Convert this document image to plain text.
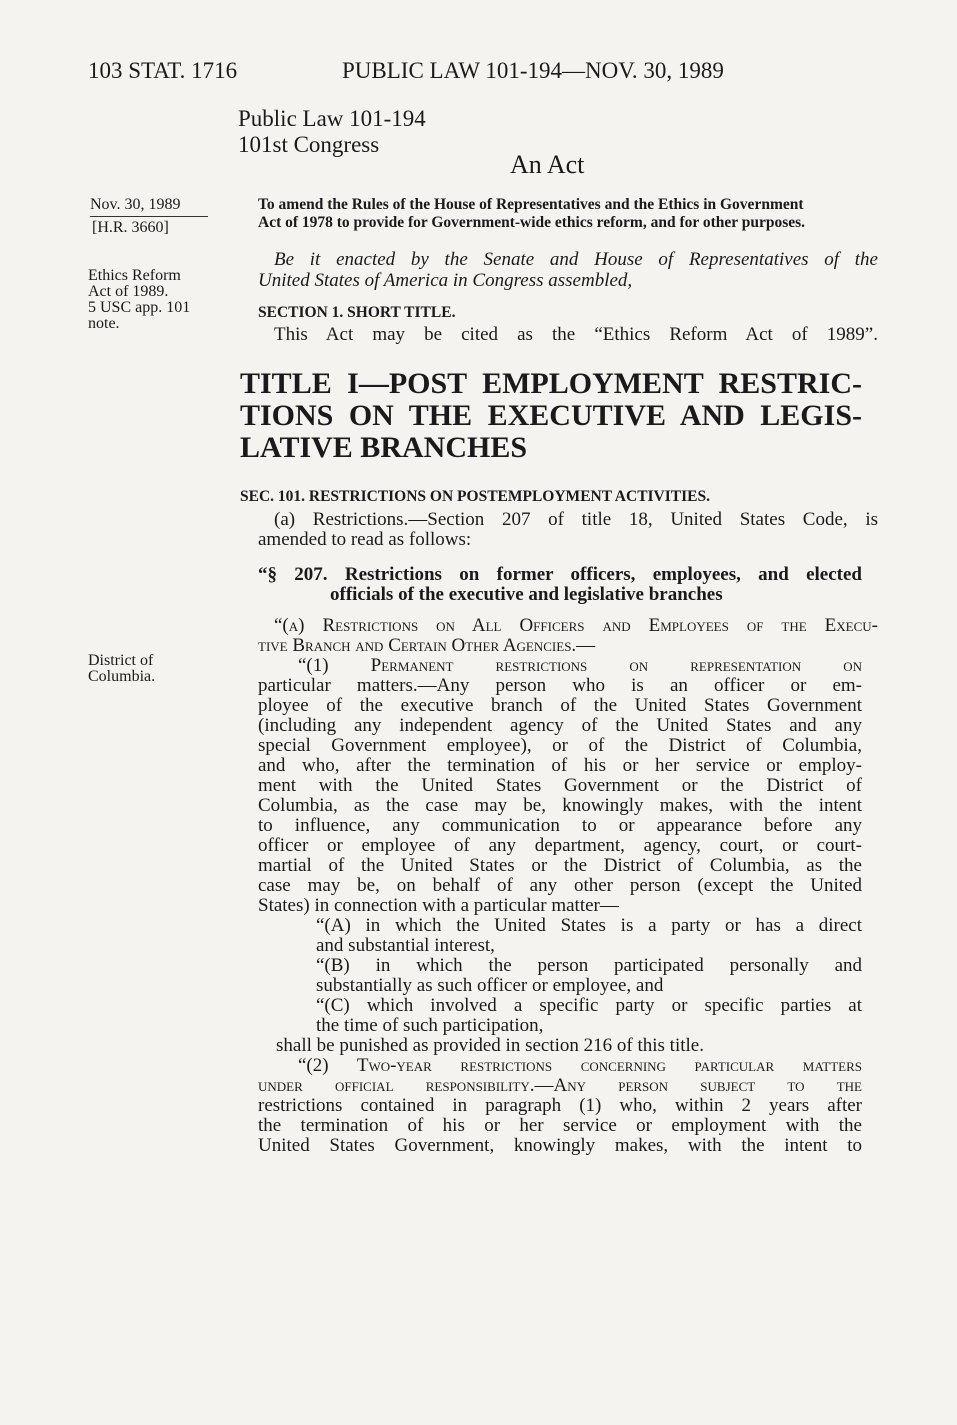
103 STAT. 1716	PUBLIC LAW 101-194—NOV. 30, 1989
Public Law 101-194
101st Congress
An Act
Nov. 30, 1989
[H.R. 3660]
Ethics Reform
Act of 1989.
5 USC app. 101
note.
District of
Columbia.
To amend the Rules of the House of Representatives and the Ethics in Government
Act of 1978 to provide for Government-wide ethics reform, and for other purposes.
Be it enacted by the Senate and House of Representatives of the
United States of America in Congress assembled,
SECTION 1. SHORT TITLE.
This Act may be cited as the “Ethics Reform Act of 1989”.
TITLE I—POST EMPLOYMENT RESTRIC-
TIONS ON THE EXECUTIVE AND LEGIS-
LATIVE BRANCHES
SEC. 101. RESTRICTIONS ON POSTEMPLOYMENT ACTIVITIES.
(a) Restrictions.—Section 207 of title 18, United States Code, is
amended to read as follows:
“§ 207. Restrictions on former officers, employees, and elected
officials of the executive and legislative branches
“(a) Restrictions on All Officers and Employees of the Execu-
tive Branch and Certain Other Agencies.—
“(1) Permanent restrictions on representation on
particular matters.—Any person who is an officer or em-
ployee of the executive branch of the United States Government
(including any independent agency of the United States and any
special Government employee), or of the District of Columbia,
and who, after the termination of his or her service or employ-
ment with the United States Government or the District of
Columbia, as the case may be, knowingly makes, with the intent
to influence, any communication to or appearance before any
officer or employee of any department, agency, court, or court-
martial of the United States or the District of Columbia, as the
case may be, on behalf of any other person (except the United
States) in connection with a particular matter—
“(A) in which the United States is a party or has a direct
and substantial interest,
“(B) in which the person participated personally and
substantially as such officer or employee, and
“(C) which involved a specific party or specific parties at
the time of such participation,
shall be punished as provided in section 216 of this title.
“(2) Two-year restrictions concerning particular matters
under official responsibility.—Any person subject to the
restrictions contained in paragraph (1) who, within 2 years after
the termination of his or her service or employment with the
United States Government, knowingly makes, with the intent to
